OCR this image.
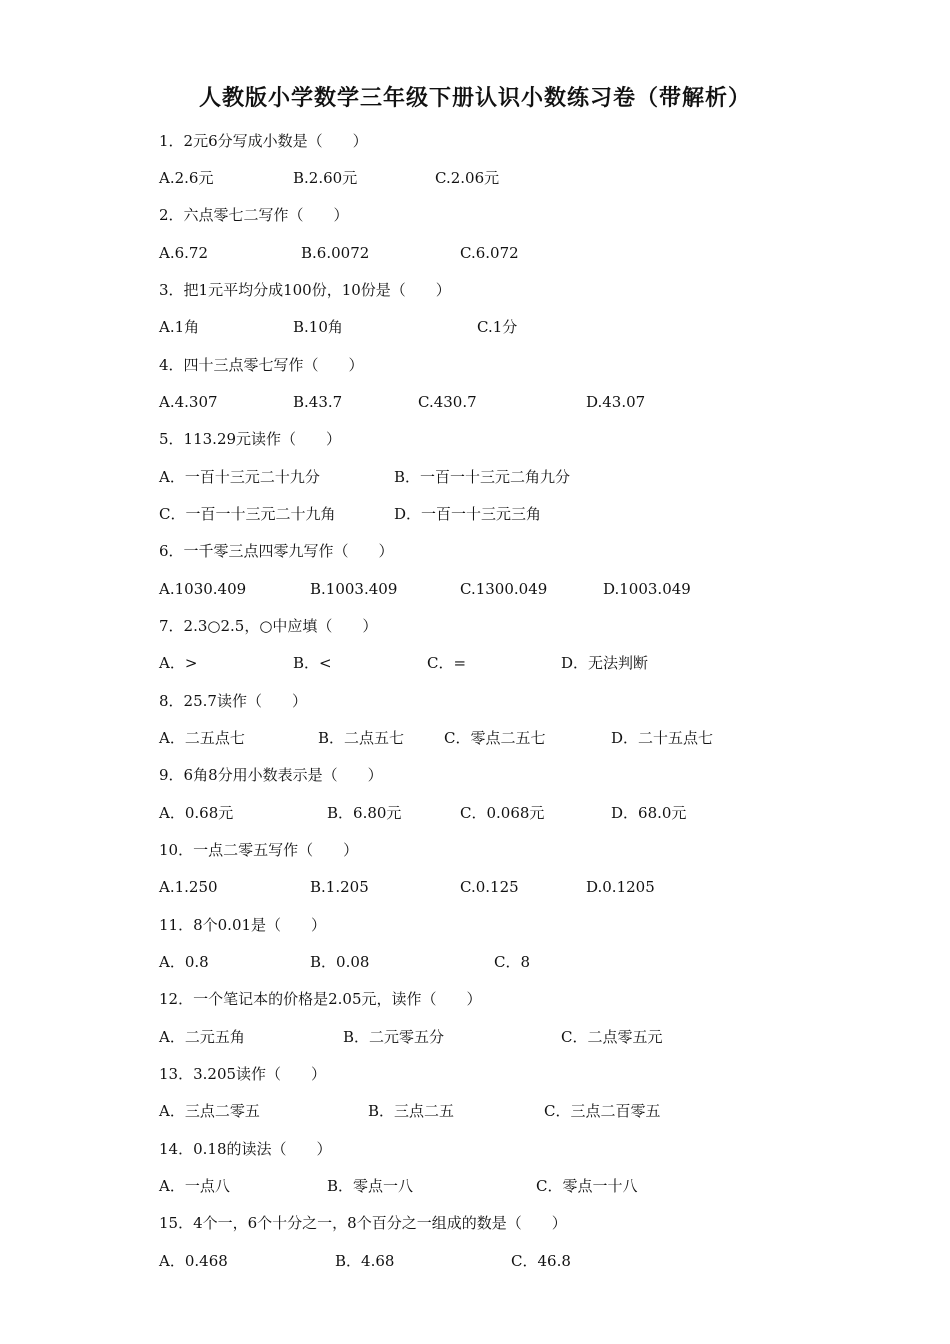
人教版小学数学三年级下册认识小数练习卷（带解析）
1．2元6分写成小数是（　　）
A.2.6元	B.2.60元	C.2.06元
2．六点零七二写作（　　）
A.6.72	B.6.0072	C.6.072
3．把1元平均分成100份，10份是（　　）
A.1角	B.10角	C.1分
4．四十三点零七写作（　　）
A.4.307	B.43.7	C.430.7	D.43.07
5．113.29元读作（　　）
A．一百十三元二十九分	B．一百一十三元二角九分
C．一百一十三元二十九角	D．一百一十三元三角
6．一千零三点四零九写作（　　）
A.1030.409	B.1003.409	C.1300.049	D.1003.049
7．2.3○2.5，○中应填（　　）
A．>	B．<	C．=	D．无法判断
8．25.7读作（　　）
A．二五点七	B．二点五七	C．零点二五七	D．二十五点七
9．6角8分用小数表示是（　　）
A．0.68元	B．6.80元	C．0.068元	D．68.0元
10．一点二零五写作（　　）
A.1.250	B.1.205	C.0.125	D.0.1205
11．8个0.01是（　　）
A．0.8	B．0.08	C．8
12．一个笔记本的价格是2.05元，读作（　　）
A．二元五角	B．二元零五分	C．二点零五元
13．3.205读作（　　）
A．三点二零五	B．三点二五	C．三点二百零五
14．0.18的读法（　　）
A．一点八	B．零点一八	C．零点一十八
15．4个一，6个十分之一，8个百分之一组成的数是（　　）
A．0.468	B．4.68	C．46.8
